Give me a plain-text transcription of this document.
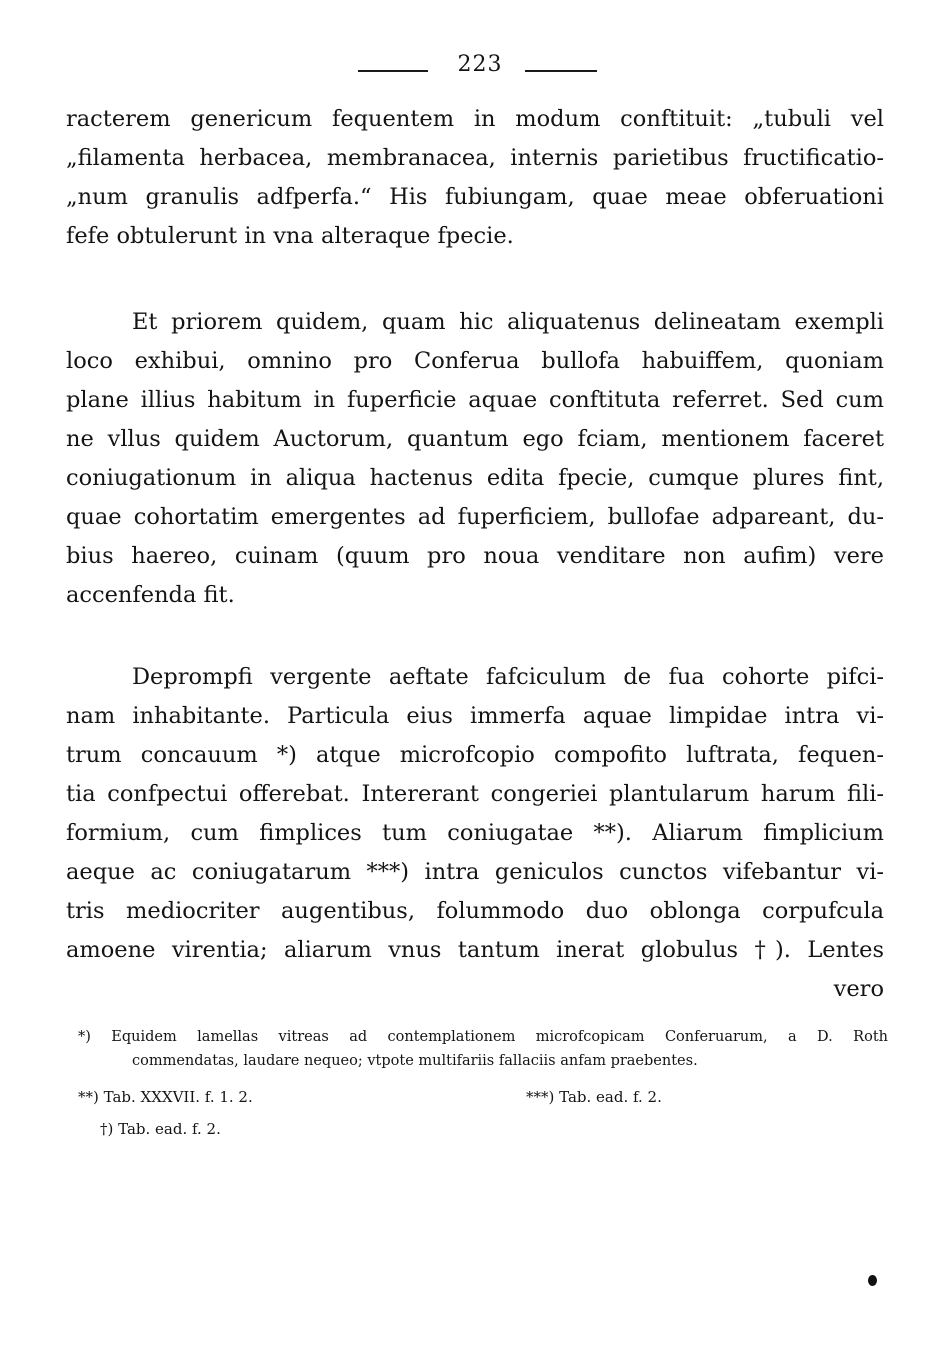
223
racterem genericum fequentem in modum conftituit: „tubuli vel
„filamenta herbacea, membranacea, internis parietibus fructificatio-
„num granulis adfperfa.“ His fubiungam, quae meae obferuationi
fefe obtulerunt in vna alteraque fpecie.
Et priorem quidem, quam hic aliquatenus delineatam exempli
loco exhibui, omnino pro Conferua bullofa habuiffem, quoniam
plane illius habitum in fuperficie aquae conftituta referret. Sed cum
ne vllus quidem Auctorum, quantum ego fciam, mentionem faceret
coniugationum in aliqua hactenus edita fpecie, cumque plures fint,
quae cohortatim emergentes ad fuperficiem, bullofae adpareant, du-
bius haereo, cuinam (quum pro noua venditare non aufim) vere
accenfenda fit.
Deprompfi vergente aeftate fafciculum de fua cohorte pifci-
nam inhabitante. Particula eius immerfa aquae limpidae intra vi-
trum concauum *) atque microfcopio compofito luftrata, fequen-
tia confpectui offerebat. Intererant congeriei plantularum harum fili-
formium, cum fimplices tum coniugatae **). Aliarum fimplicium
aeque ac coniugatarum ***) intra geniculos cunctos vifebantur vi-
tris mediocriter augentibus, folummodo duo oblonga corpufcula
amoene virentia; aliarum vnus tantum inerat globulus †). Lentes
vero
*) Equidem lamellas vitreas ad contemplationem microfcopicam Conferuarum, a D. Roth
commendatas, laudare nequeo; vtpote multifariis fallaciis anfam praebentes.
**) Tab. XXXVII. f. 1. 2.	***) Tab. ead. f. 2.
†) Tab. ead. f. 2.
